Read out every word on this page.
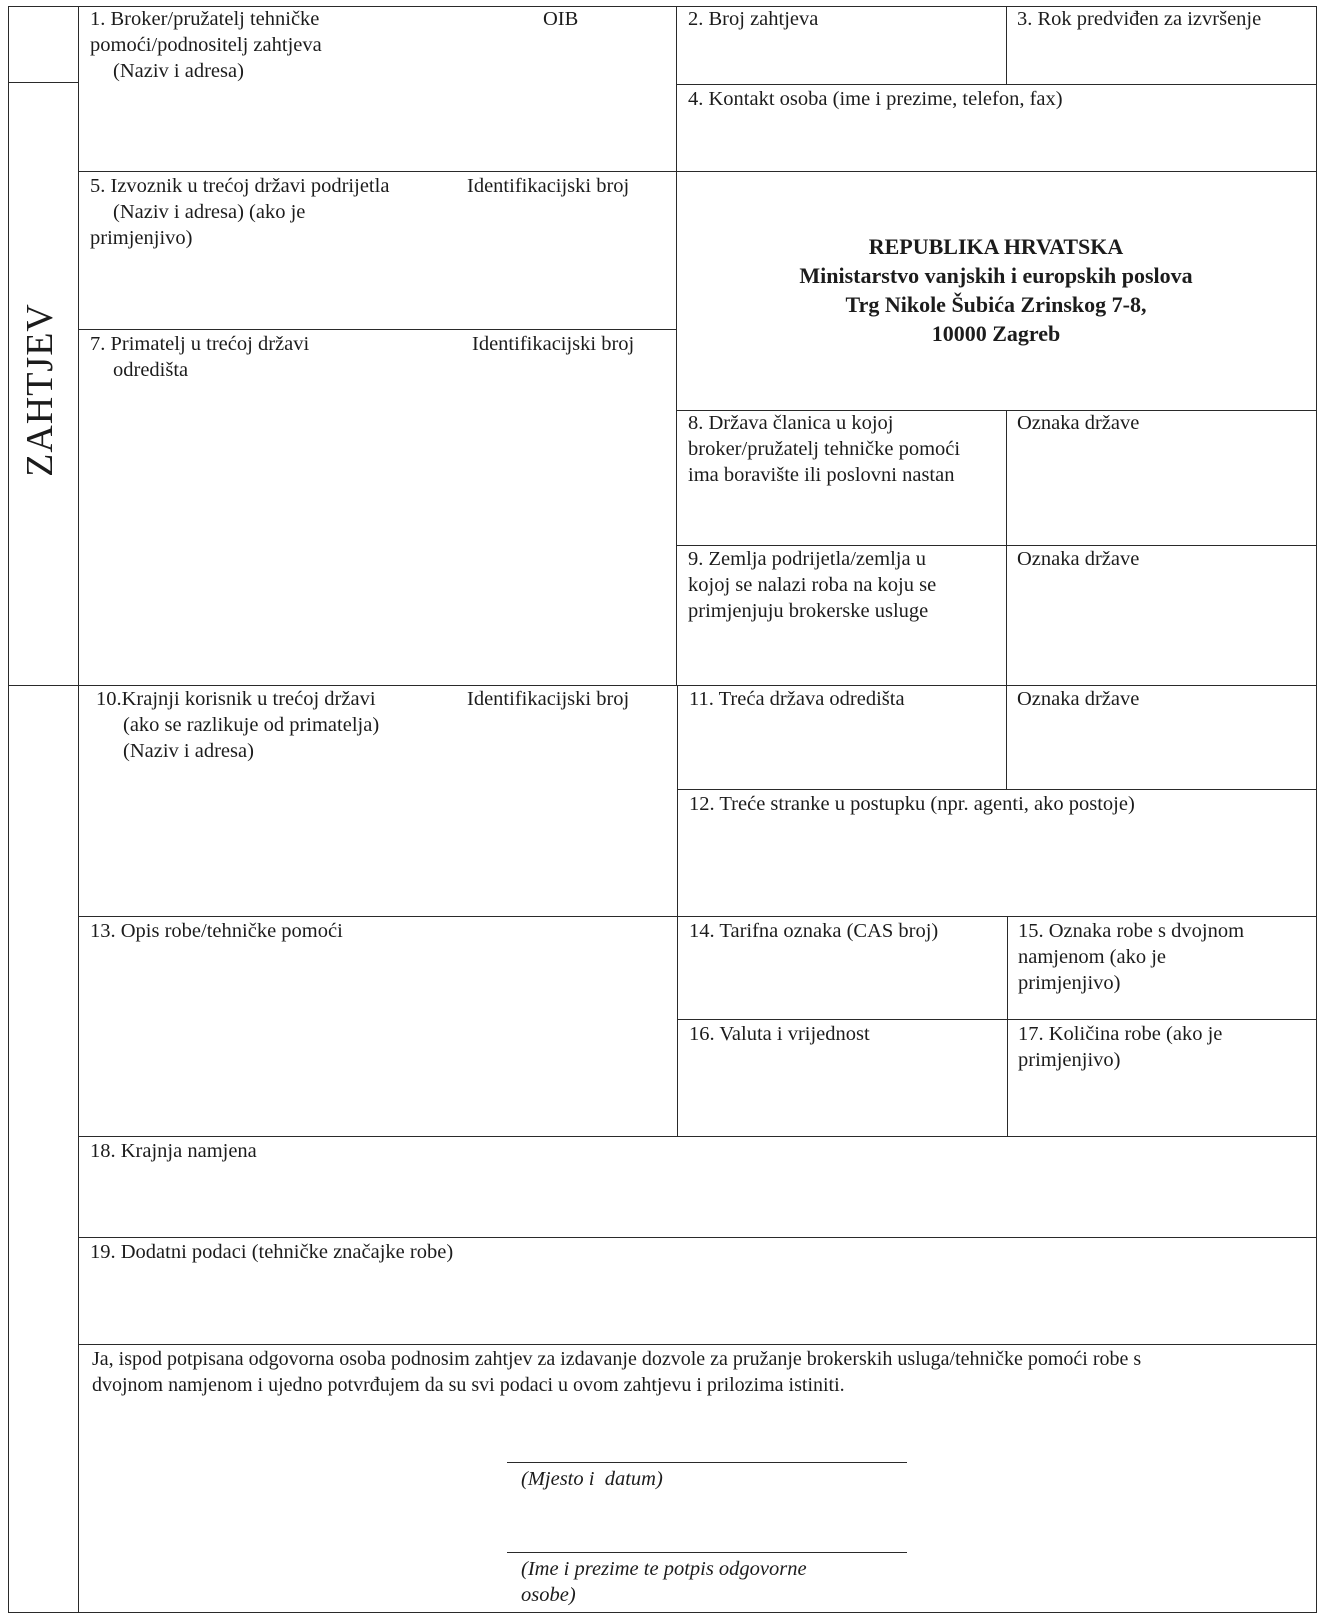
ZAHTJEV
1. Broker/pružatelj tehničke
pomoći/podnositelj zahtjeva
(Naziv i adresa)
OIB	2. Broj zahtjeva	3. Rok predviđen za izvršenje
4. Kontakt osoba (ime i prezime, telefon, fax)
5. Izvoznik u trećoj državi podrijetla
(Naziv i adresa) (ako je
primjenjivo)
Identifikacijski broj
REPUBLIKA HRVATSKA
Ministarstvo vanjskih i europskih poslova
Trg Nikole Šubića Zrinskog 7-8,
10000 Zagreb
7. Primatelj u trećoj državi
odredišta
Identifikacijski broj
8. Država članica u kojoj
broker/pružatelj tehničke pomoći
ima boravište ili poslovni nastan
Oznaka države
9. Zemlja podrijetla/zemlja u
kojoj se nalazi roba na koju se
primjenjuju brokerske usluge
Oznaka države
10.Krajnji korisnik u trećoj državi
(ako se razlikuje od primatelja)
(Naziv i adresa)
Identifikacijski broj	11. Treća država odredišta	Oznaka države
12. Treće stranke u postupku (npr. agenti, ako postoje)
13. Opis robe/tehničke pomoći	14. Tarifna oznaka (CAS broj)	15. Oznaka robe s dvojnom
namjenom (ako je
primjenjivo)
16. Valuta i vrijednost	17. Količina robe (ako je
primjenjivo)
18. Krajnja namjena
19. Dodatni podaci (tehničke značajke robe)
Ja, ispod potpisana odgovorna osoba podnosim zahtjev za izdavanje dozvole za pružanje brokerskih usluga/tehničke pomoći robe s
dvojnom namjenom i ujedno potvrđujem da su svi podaci u ovom zahtjevu i prilozima istiniti.
(Mjesto i  datum)
(Ime i prezime te potpis odgovorne
osobe)
